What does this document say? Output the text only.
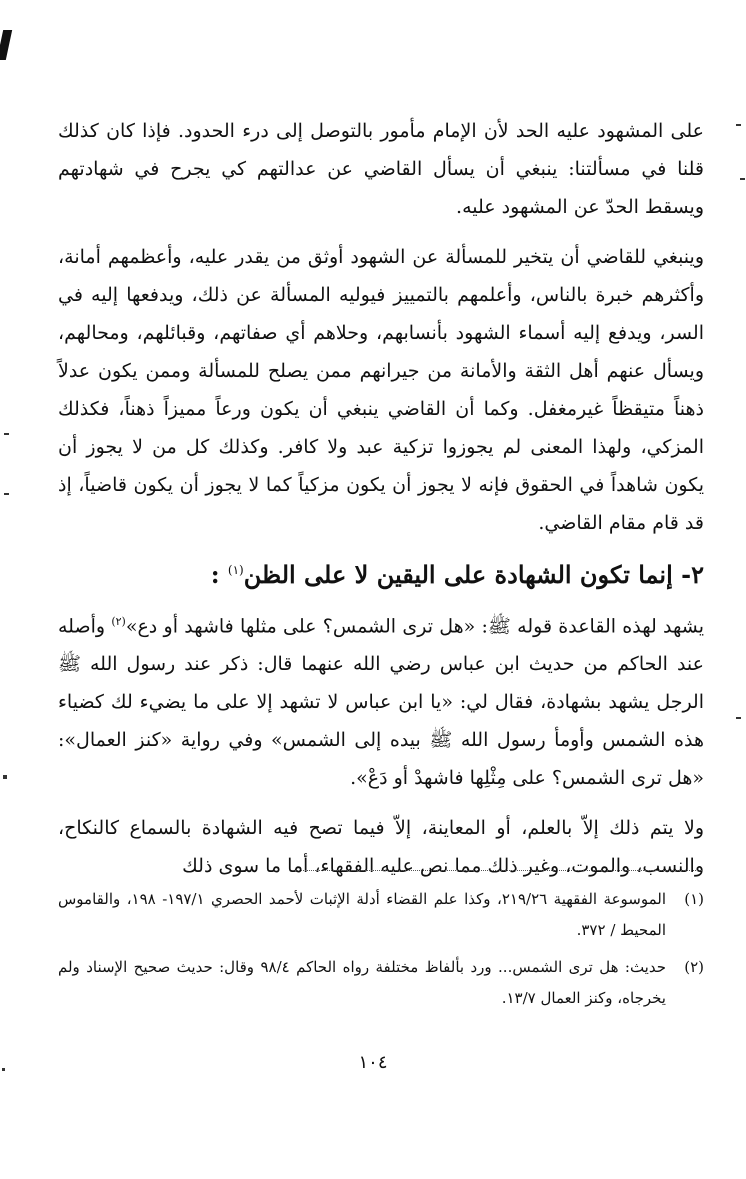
على المشهود عليه الحد لأن الإمام مأمور بالتوصل إلى درء الحدود. فإذا كان كذلك قلنا في مسألتنا: ينبغي أن يسأل القاضي عن عدالتهم كي يجرح في شهادتهم ويسقط الحدّ عن المشهود عليه.

وينبغي للقاضي أن يتخير للمسألة عن الشهود أوثق من يقدر عليه، وأعظمهم أمانة، وأكثرهم خبرة بالناس، وأعلمهم بالتمييز فيوليه المسألة عن ذلك، ويدفعها إليه في السر، ويدفع إليه أسماء الشهود بأنسابهم، وحلاهم أي صفاتهم، وقبائلهم، ومحالهم، ويسأل عنهم أهل الثقة والأمانة من جيرانهم ممن يصلح للمسألة وممن يكون عدلاً ذهناً متيقظاً غيرمغفل. وكما أن القاضي ينبغي أن يكون ورعاً مميزاً ذهناً، فكذلك المزكي، ولهذا المعنى لم يجوزوا تزكية عبد ولا كافر. وكذلك كل من لا يجوز أن يكون شاهداً في الحقوق فإنه لا يجوز أن يكون مزكياً كما لا يجوز أن يكون قاضياً، إذ قد قام مقام القاضي.

٢- إنما تكون الشهادة على اليقين لا على الظن$^{(١)}$ :

يشهد لهذه القاعدة قوله ﷺ: «هل ترى الشمس؟ على مثلها فاشهد أو دع»$^{(٢)}$ وأصله عند الحاكم من حديث ابن عباس رضي الله عنهما قال: ذكر عند رسول الله ﷺ الرجل يشهد بشهادة، فقال لي: «يا ابن عباس لا تشهد إلا على ما يضيء لك كضياء هذه الشمس وأومأ رسول الله ﷺ بيده إلى الشمس» وفي رواية «كنز العمال»: «هل ترى الشمس؟ على مِثْلِها فاشهدْ أو دَعْ».

ولا يتم ذلك إلاّ بالعلم، أو المعاينة، إلاّ فيما تصح فيه الشهادة بالسماع كالنكاح، والنسب، والموت، وغير ذلك مما نص عليه الفقهاء، أما ما سوى ذلك

(١)
الموسوعة الفقهية ٢١٩/٢٦، وكذا علم القضاء أدلة الإثبات لأحمد الحصري ١٩٧/١- ١٩٨، والقاموس المحيط / ٣٧٢.
(٢)
حديث: هل ترى الشمس... ورد بألفاظ مختلفة رواه الحاكم ٩٨/٤ وقال: حديث صحيح الإسناد ولم يخرجاه، وكنز العمال ١٣/٧.
١٠٤
